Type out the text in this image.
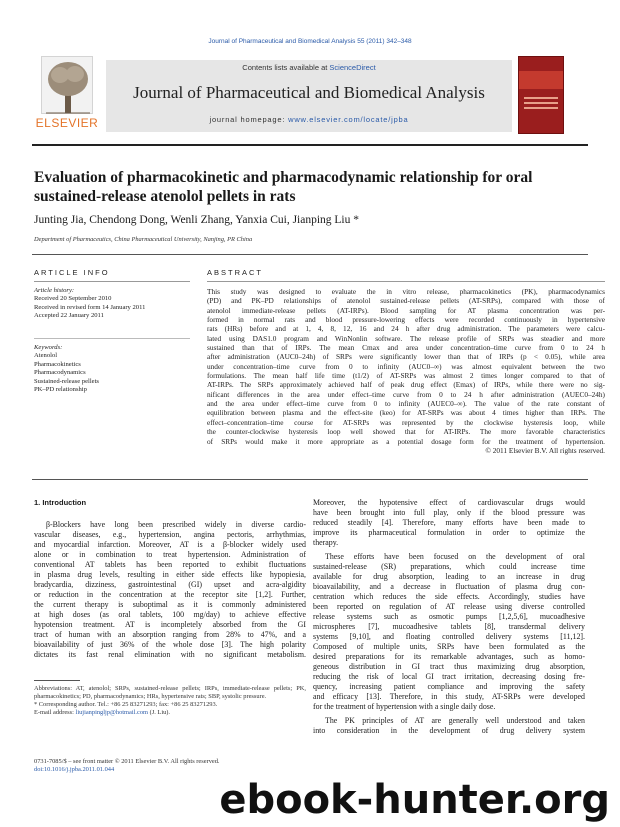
Journal of Pharmaceutical and Biomedical Analysis 55 (2011) 342–348
ELSEVIER
Contents lists available at ScienceDirect
Journal of Pharmaceutical and Biomedical Analysis
journal homepage: www.elsevier.com/locate/jpba
Evaluation of pharmacokinetic and pharmacodynamic relationship for oral sustained-release atenolol pellets in rats
Junting Jia, Chendong Dong, Wenli Zhang, Yanxia Cui, Jianping Liu *
Department of Pharmaceutics, China Pharmaceutical University, Nanjing, PR China
ARTICLE INFO	ABSTRACT
Article history:
Received 20 September 2010
Received in revised form 14 January 2011
Accepted 22 January 2011
Keywords:
Atenolol
Pharmacokinetics
Pharmacodynamics
Sustained-release pellets
PK–PD relationship

This study was designed to evaluate the in vitro release, pharmacokinetics (PK), pharmacodynamics

(PD) and PK–PD relationships of atenolol sustained-release pellets (AT-SRPs), compared with those of

atenolol immediate-release pellets (AT-IRPs). Blood sampling for AT plasma concentration was per-

formed in normal rats and blood pressure-lowering effects were recorded continuously in hypertensive

rats (HRs) before and at 1, 4, 8, 12, 16 and 24 h after drug administration. The parameters were calcu-

lated using DAS1.0 program and WinNonlin software. The release profile of SRPs was steadier and more

sustained than that of IRPs. The mean Cmax and area under concentration–time curve from 0 to 24 h

after administration (AUC0–24h) of SRPs were significantly lower than that of IRPs (p < 0.05), while area

under concentration–time curve from 0 to infinity (AUC0–∞) was almost equivalent between the two

formulations. The mean half life time (t1/2) of AT-SRPs was almost 2 times longer compared to that of

AT-IRPs. The SRPs approximately achieved half of peak drug effect (Emax) of IRPs, while there were no sig-

nificant differences in the area under effect–time curve from 0 to 24 h after administration (AUEC0–24h)

and the area under effect–time curve from 0 to infinity (AUEC0–∞). The value of the rate constant of

equilibration between plasma and the effect-site (keo) for AT-SRPs was about 4 times higher than IRPs. The

effect–concentration–time course for AT-SRPs was represented by the clockwise hysteresis loop, while

the counter-clockwise hysteresis loop well showed that for AT-IRPs. The more favorable characteristics

of SRPs would make it more appropriate as a potential dosage form for the treatment of hypertension.

© 2011 Elsevier B.V. All rights reserved.

1. Introduction

β-Blockers have long been prescribed widely in diverse cardio-

vascular diseases, e.g., hypertension, angina pectoris, arrhythmias,

and myocardial infarction. Moreover, AT is a β-blocker widely used

alone or in combination to treat hypertension. Administration of

conventional AT tablets has been reported to exhibit fluctuations

in plasma drug levels, resulting in either side effects like hypopiesia,

bradycardia, dizziness, gastrointestinal (GI) upset and acra-algidity

or reduction in the concentration at the receptor site [1,2]. Further,

the current therapy is suboptimal as it is commonly administered

at high doses (as oral tablets, 100 mg/day) to achieve effective

hypotension treatment. AT is incompletely absorbed from the GI

tract of human with an absorption ranging from 28% to 47%, and a

bioavailability of just 36% of the whole dose [3]. The high polarity

dictates its fast renal elimination with no significant metabolism.

Moreover, the hypotensive effect of cardiovascular drugs would

have been brought into full play, only if the blood pressure was

reduced steadily [4]. Therefore, many efforts have been made to

improve its pharmaceutical formulation in order to optimize the

therapy.

These efforts have been focused on the development of oral

sustained-release (SR) preparations, which could increase time

available for drug absorption, leading to an increase in drug

bioavailability, and a decrease in fluctuation of plasma drug con-

centration which reduces the side effects. Accordingly, studies have

been reported on regulation of AT release using diverse controlled

release systems such as osmotic pumps [1,2,5,6], mucoadhesive

microspheres [7], mucoadhesive tablets [8], transdermal delivery

systems [9,10], and floating controlled delivery systems [11,12].

Composed of multiple units, SRPs have been formulated as the

desired preparations for its remarkable advantages, such as homo-

geneous distribution in GI tract thus maximizing drug absorption,

reducing the risk of local GI tract irritation, decreasing dosing fre-

quency, increasing patient compliance and improving the safety

and efficacy [13]. Therefore, in this study, AT-SRPs were developed

for the treatment of hypertension with a single daily dose.

The PK principles of AT are generally well understood and taken

into consideration in the development of drug delivery system

Abbreviations: AT, atenolol; SRPs, sustained-release pellets; IRPs, immediate-release pellets; PK, pharmacokinetics; PD, pharmacodynamics; HRs, hypertensive rats; SBP, systolic pressure.

* Corresponding author. Tel.: +86 25 83271293; fax: +86 25 83271293.

E-mail address: liujianpingljp@hotmail.com (J. Liu).

0731-7085/$ – see front matter © 2011 Elsevier B.V. All rights reserved.
doi:10.1016/j.jpba.2011.01.044
ebook-hunter.org
